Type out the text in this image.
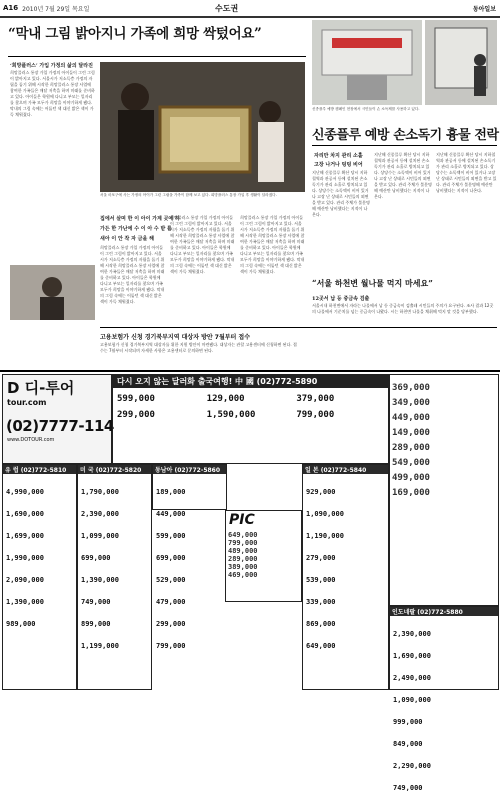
A16 2010년 7월 29일 목요일	수도권	동아일보
“막내 그림 밝아지니 가족에 희망 싹텄어요”
‘희망플러스’ 가입 가정의 삶의 달라진
희망플러스 통장 가입 가정의 아이들이 그린 그림이 밝아지고 있다. 서울시가 저소득층 가정의 자립을 돕기 위해 시작한 희망플러스 통장 사업에 참여한 가족들은 매달 저축을 하며 미래를 준비하고 있다. 아이들은 학원에 다니고 부모는 일자리를 찾으며 가족 모두가 희망을 이야기하게 됐다. 막내의 그림 속에는 어둡던 색 대신 밝은 색이 가득 채워졌다.
서울 마포구에 사는 가정의 아이가 그린 그림을 가족이 함께 보고 있다. 희망플러스 통장 가입 후 생활이 달라졌다.
집에서 살며 한 이 아이 가계 곳에 하
가든 한 가난에 수 이 아 수 받 를
새아 이 안 작 자 금을 해
희망플러스 통장 가입 가정의 아이들이 그린 그림이 밝아지고 있다. 서울시가 저소득층 가정의 자립을 돕기 위해 시작한 희망플러스 통장 사업에 참여한 가족들은 매달 저축을 하며 미래를 준비하고 있다. 아이들은 학원에 다니고 부모는 일자리를 찾으며 가족 모두가 희망을 이야기하게 됐다. 막내의 그림 속에는 어둡던 색 대신 밝은 색이 가득 채워졌다.
희망플러스 통장 가입 가정의 아이들이 그린 그림이 밝아지고 있다. 서울시가 저소득층 가정의 자립을 돕기 위해 시작한 희망플러스 통장 사업에 참여한 가족들은 매달 저축을 하며 미래를 준비하고 있다. 아이들은 학원에 다니고 부모는 일자리를 찾으며 가족 모두가 희망을 이야기하게 됐다. 막내의 그림 속에는 어둡던 색 대신 밝은 색이 가득 채워졌다.
희망플러스 통장 가입 가정의 아이들이 그린 그림이 밝아지고 있다. 서울시가 저소득층 가정의 자립을 돕기 위해 시작한 희망플러스 통장 사업에 참여한 가족들은 매달 저축을 하며 미래를 준비하고 있다. 아이들은 학원에 다니고 부모는 일자리를 찾으며 가족 모두가 희망을 이야기하게 됐다. 막내의 그림 속에는 어둡던 색 대신 밝은 색이 가득 채워졌다.
신종플루 예방 캠페인 현장에서 시민들이 손 소독제를 사용하고 있다.
신종플루 예방 손소독기 흉물 전락
자리만 차지 관리 소홀
고장 나거나 텅텅 비어
지난해 신종플루 확산 당시 지하철역과 관공서 등에 설치된 손소독기가 관리 소홀로 방치되고 있다. 상당수는 소독액이 비어 있거나 고장 난 상태로 시민들의 외면을 받고 있다. 관리 주체가 불분명해 예산만 낭비했다는 지적이 나온다.
지난해 신종플루 확산 당시 지하철역과 관공서 등에 설치된 손소독기가 관리 소홀로 방치되고 있다. 상당수는 소독액이 비어 있거나 고장 난 상태로 시민들의 외면을 받고 있다. 관리 주체가 불분명해 예산만 낭비했다는 지적이 나온다.
지난해 신종플루 확산 당시 지하철역과 관공서 등에 설치된 손소독기가 관리 소홀로 방치되고 있다. 상당수는 소독액이 비어 있거나 고장 난 상태로 시민들의 외면을 받고 있다. 관리 주체가 불분명해 예산만 낭비했다는 지적이 나온다.
고용보험가 신청 경기북부지역 대상자 방안 7월부터 접수
고용보험가 신청 경기북부지역 대상자를 위한 지원 방안이 마련됐다. 대상자는 관할 고용센터에 신청하면 된다. 접수는 7월부터 시작되며 자세한 사항은 고용센터로 문의하면 된다.
“서울 하천변 월나물 먹지 마세요”
12곳서 납 등 중금속 검출
서울시내 하천변에서 자라는 나물에서 납 등 중금속이 검출돼 시민들의 주의가 요구된다. 조사 결과 12곳의 나물에서 기준치를 넘는 중금속이 나왔다. 시는 하천변 나물을 채취해 먹지 말 것을 당부했다.
D 디-투어
tour.com
(02)7777-114
www.DOTOUR.com
다시 오지 않는 달러화 출국여행! 中 國 (02)772-5890
599,000	129,000	379,000
299,000	1,590,000	799,000
369,000
349,000
449,000
149,000
289,000
549,000
499,000
169,000
유 럽 (02)772-5810
4,990,000
1,690,000
1,699,000
1,990,000
2,090,000
1,390,000
989,000
미 국 (02)772-5820
1,790,000
2,390,000
1,099,000
699,000
1,390,000
749,000
899,000
1,199,000
동남아 (02)772-5860
189,000
449,000
599,000
699,000
529,000
479,000
299,000
799,000
일 본 (02)772-5840
929,000
1,090,000
1,190,000
279,000
539,000
339,000
869,000
649,000
인도네팔 (02)772-5880
2,390,000
1,690,000
2,490,000
1,090,000
999,000
849,000
2,290,000
749,000
PIC
649,000
799,000
489,000
289,000
389,000
469,000
